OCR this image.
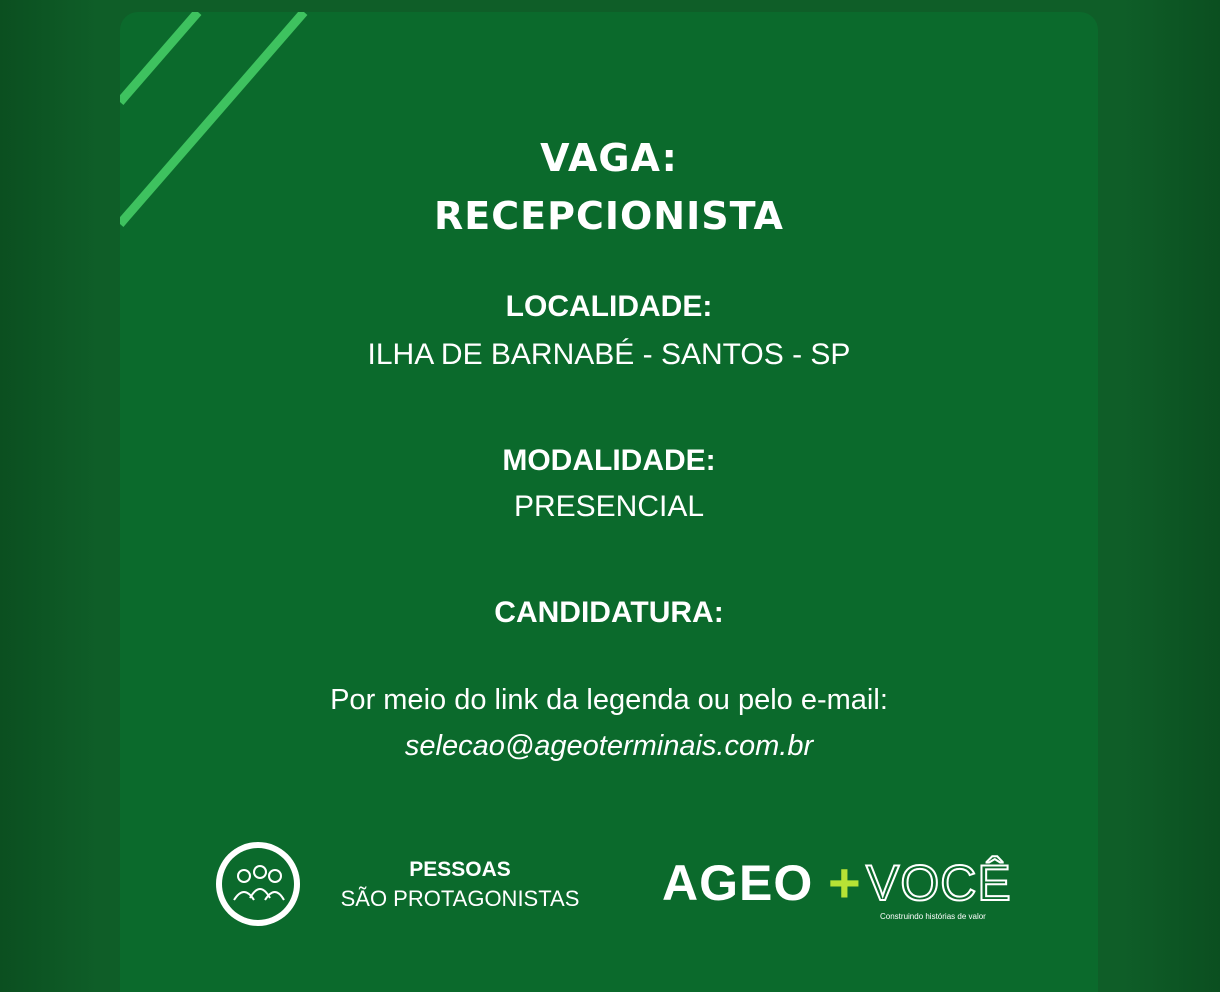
VAGA:
RECEPCIONISTA
LOCALIDADE:
ILHA DE BARNABÉ - SANTOS - SP
MODALIDADE:
PRESENCIAL
CANDIDATURA:
Por meio do link da legenda ou pelo e-mail:
selecao@ageoterminais.com.br
PESSOAS
SÃO PROTAGONISTAS	AGEO + VOCÊ
Construindo histórias de valor
